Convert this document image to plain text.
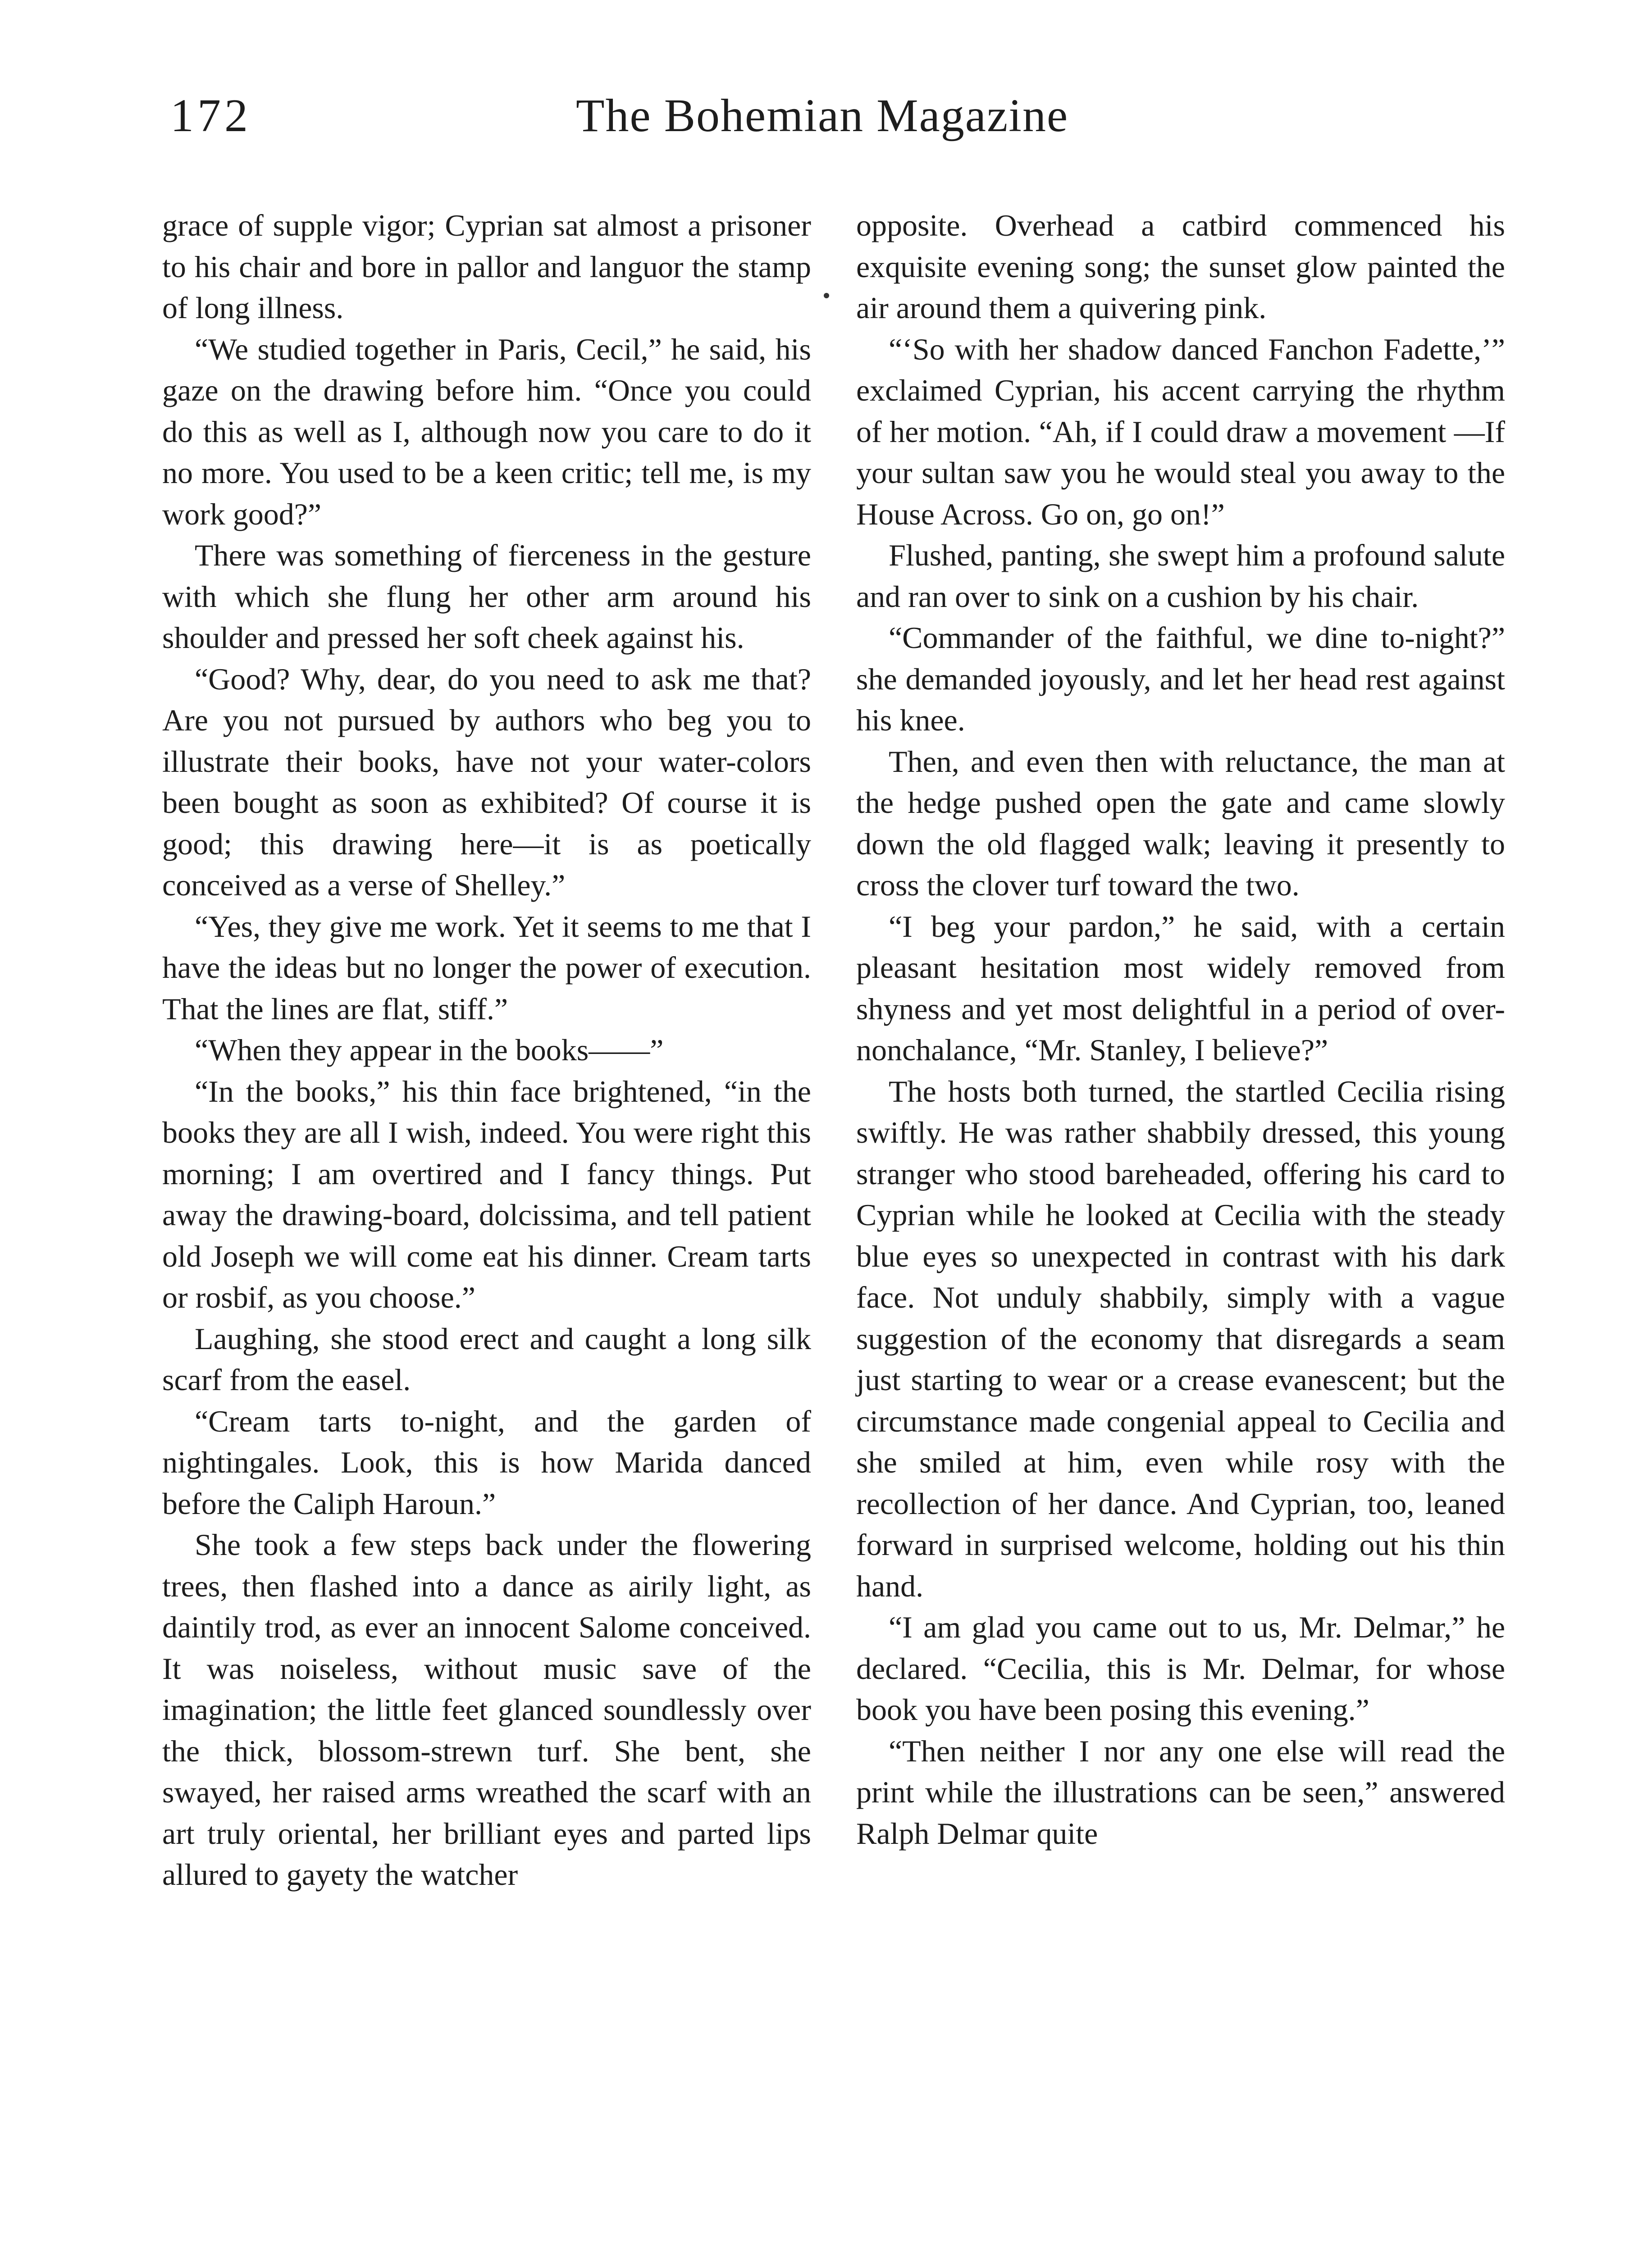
172	The Bohemian Magazine

grace of supple vigor; Cyprian sat almost a prisoner to his chair and bore in pallor and languor the stamp of long illness.

“We studied together in Paris, Cecil,” he said, his gaze on the drawing before him. “Once you could do this as well as I, although now you care to do it no more. You used to be a keen critic; tell me, is my work good?”

There was something of fierceness in the gesture with which she flung her other arm around his shoulder and pressed her soft cheek against his.

“Good? Why, dear, do you need to ask me that? Are you not pursued by authors who beg you to illustrate their books, have not your water-colors been bought as soon as exhibited? Of course it is good; this drawing here—it is as poetically conceived as a verse of Shelley.”

“Yes, they give me work. Yet it seems to me that I have the ideas but no longer the power of execution. That the lines are flat, stiff.”

“When they appear in the books——”

“In the books,” his thin face brightened, “in the books they are all I wish, indeed. You were right this morning; I am overtired and I fancy things. Put away the drawing-board, dolcissima, and tell patient old Joseph we will come eat his dinner. Cream tarts or rosbif, as you choose.”

Laughing, she stood erect and caught a long silk scarf from the easel.

“Cream tarts to-night, and the garden of nightingales. Look, this is how Marida danced before the Caliph Haroun.”

She took a few steps back under the flowering trees, then flashed into a dance as airily light, as daintily trod, as ever an innocent Salome conceived. It was noiseless, without music save of the imagination; the little feet glanced soundlessly over the thick, blossom-strewn turf. She bent, she swayed, her raised arms wreathed the scarf with an art truly oriental, her brilliant eyes and parted lips allured to gayety the watcher

opposite. Overhead a catbird commenced his exquisite evening song; the sunset glow painted the air around them a quivering pink.

“‘So with her shadow danced Fanchon Fadette,’” exclaimed Cyprian, his accent carrying the rhythm of her motion. “Ah, if I could draw a movement —If your sultan saw you he would steal you away to the House Across. Go on, go on!”

Flushed, panting, she swept him a profound salute and ran over to sink on a cushion by his chair.

“Commander of the faithful, we dine to-night?” she demanded joyously, and let her head rest against his knee.

Then, and even then with reluctance, the man at the hedge pushed open the gate and came slowly down the old flagged walk; leaving it presently to cross the clover turf toward the two.

“I beg your pardon,” he said, with a certain pleasant hesitation most widely removed from shyness and yet most delightful in a period of over-nonchalance, “Mr. Stanley, I believe?”

The hosts both turned, the startled Cecilia rising swiftly. He was rather shabbily dressed, this young stranger who stood bareheaded, offering his card to Cyprian while he looked at Cecilia with the steady blue eyes so unexpected in contrast with his dark face. Not unduly shabbily, simply with a vague suggestion of the economy that disregards a seam just starting to wear or a crease evanescent; but the circumstance made congenial appeal to Cecilia and she smiled at him, even while rosy with the recollection of her dance. And Cyprian, too, leaned forward in surprised welcome, holding out his thin hand.

“I am glad you came out to us, Mr. Delmar,” he declared. “Cecilia, this is Mr. Delmar, for whose book you have been posing this evening.”

“Then neither I nor any one else will read the print while the illustrations can be seen,” answered Ralph Delmar quite
